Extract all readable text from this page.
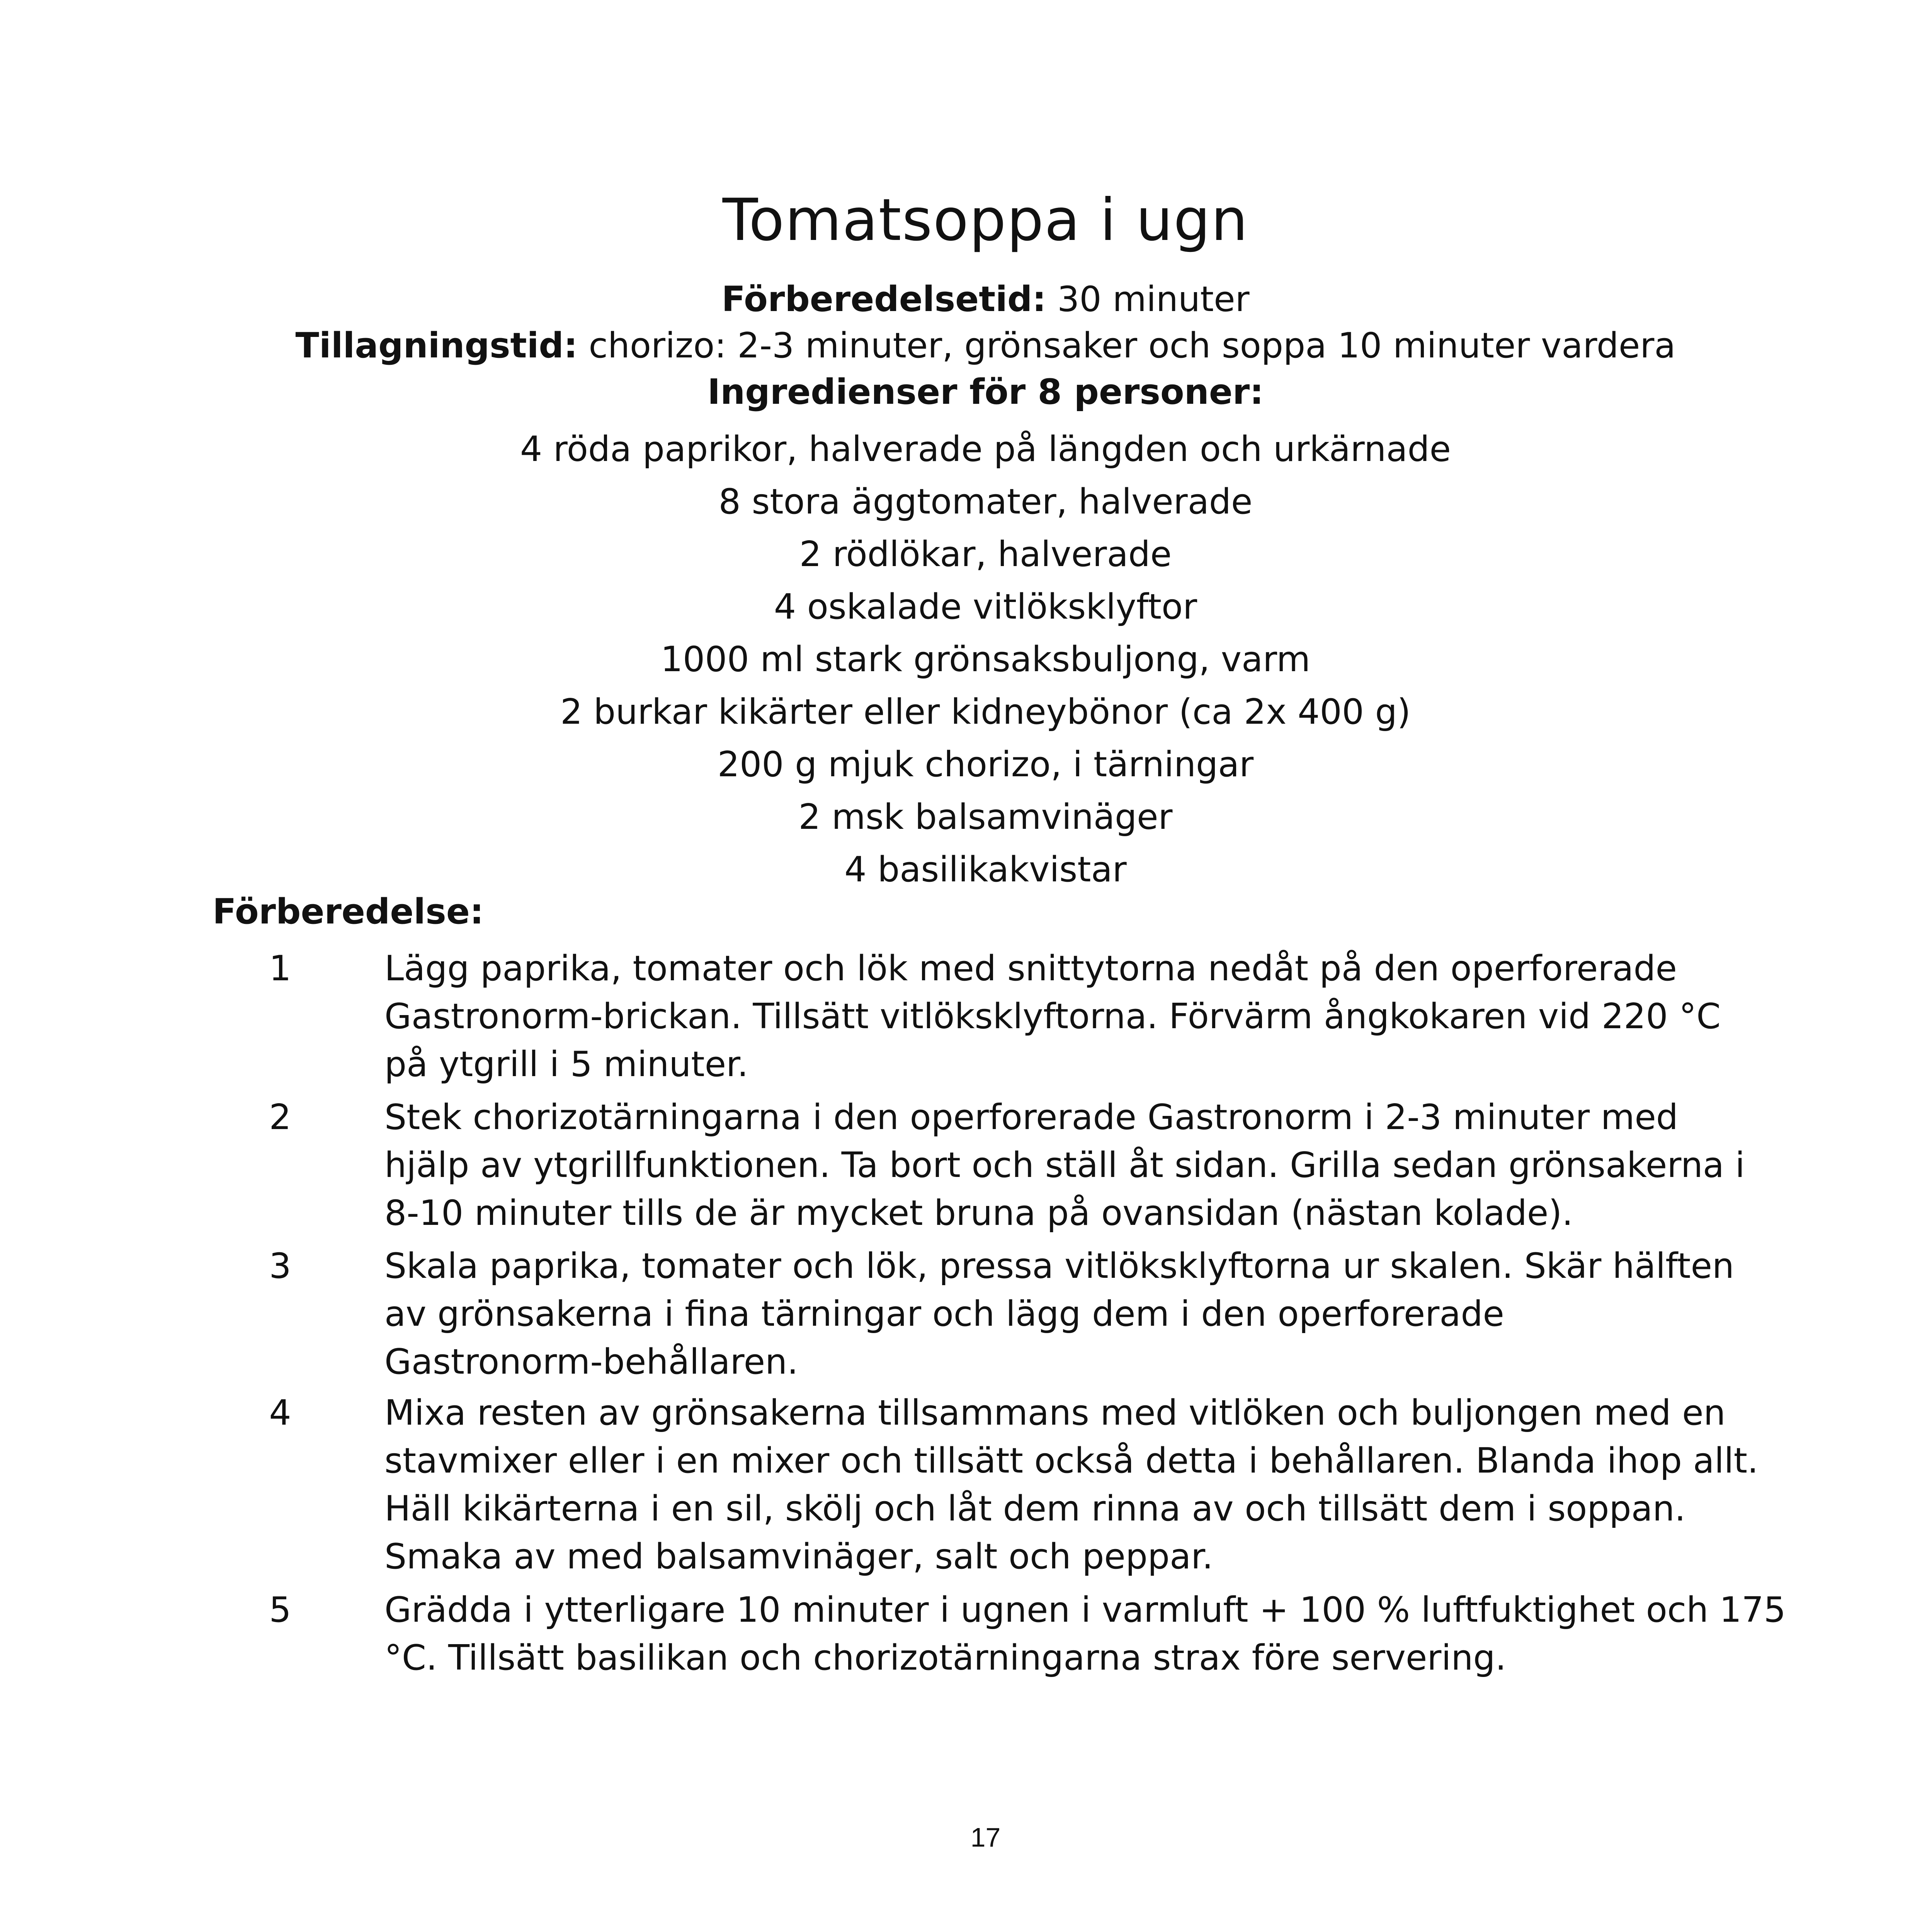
Tomatsoppa i ugn
Förberedelsetid: 30 minuter
Tillagningstid: chorizo: 2-3 minuter, grönsaker och soppa 10 minuter vardera
Ingredienser för 8 personer:
4 röda paprikor, halverade på längden och urkärnade
8 stora äggtomater, halverade
2 rödlökar, halverade
4 oskalade vitlöksklyftor
1000 ml stark grönsaksbuljong, varm
2 burkar kikärter eller kidneybönor (ca 2x 400 g)
200 g mjuk chorizo, i tärningar
2 msk balsamvinäger
4 basilikakvistar
Förberedelse:
1	Lägg paprika, tomater och lök med snittytorna nedåt på den operforerade
Gastronorm-brickan. Tillsätt vitlöksklyftorna. Förvärm ångkokaren vid 220 °C
på ytgrill i 5 minuter.

2	Stek chorizotärningarna i den operforerade Gastronorm i 2-3 minuter med
hjälp av ytgrillfunktionen. Ta bort och ställ åt sidan. Grilla sedan grönsakerna i
8-10 minuter tills de är mycket bruna på ovansidan (nästan kolade).

3	Skala paprika, tomater och lök, pressa vitlöksklyftorna ur skalen. Skär hälften
av grönsakerna i fina tärningar och lägg dem i den operforerade
Gastronorm-behållaren.

4	Mixa resten av grönsakerna tillsammans med vitlöken och buljongen med en
stavmixer eller i en mixer och tillsätt också detta i behållaren. Blanda ihop allt.
Häll kikärterna i en sil, skölj och låt dem rinna av och tillsätt dem i soppan.
Smaka av med balsamvinäger, salt och peppar.

5	Grädda i ytterligare 10 minuter i ugnen i varmluft + 100 % luftfuktighet och 175
°C. Tillsätt basilikan och chorizotärningarna strax före servering.

17
